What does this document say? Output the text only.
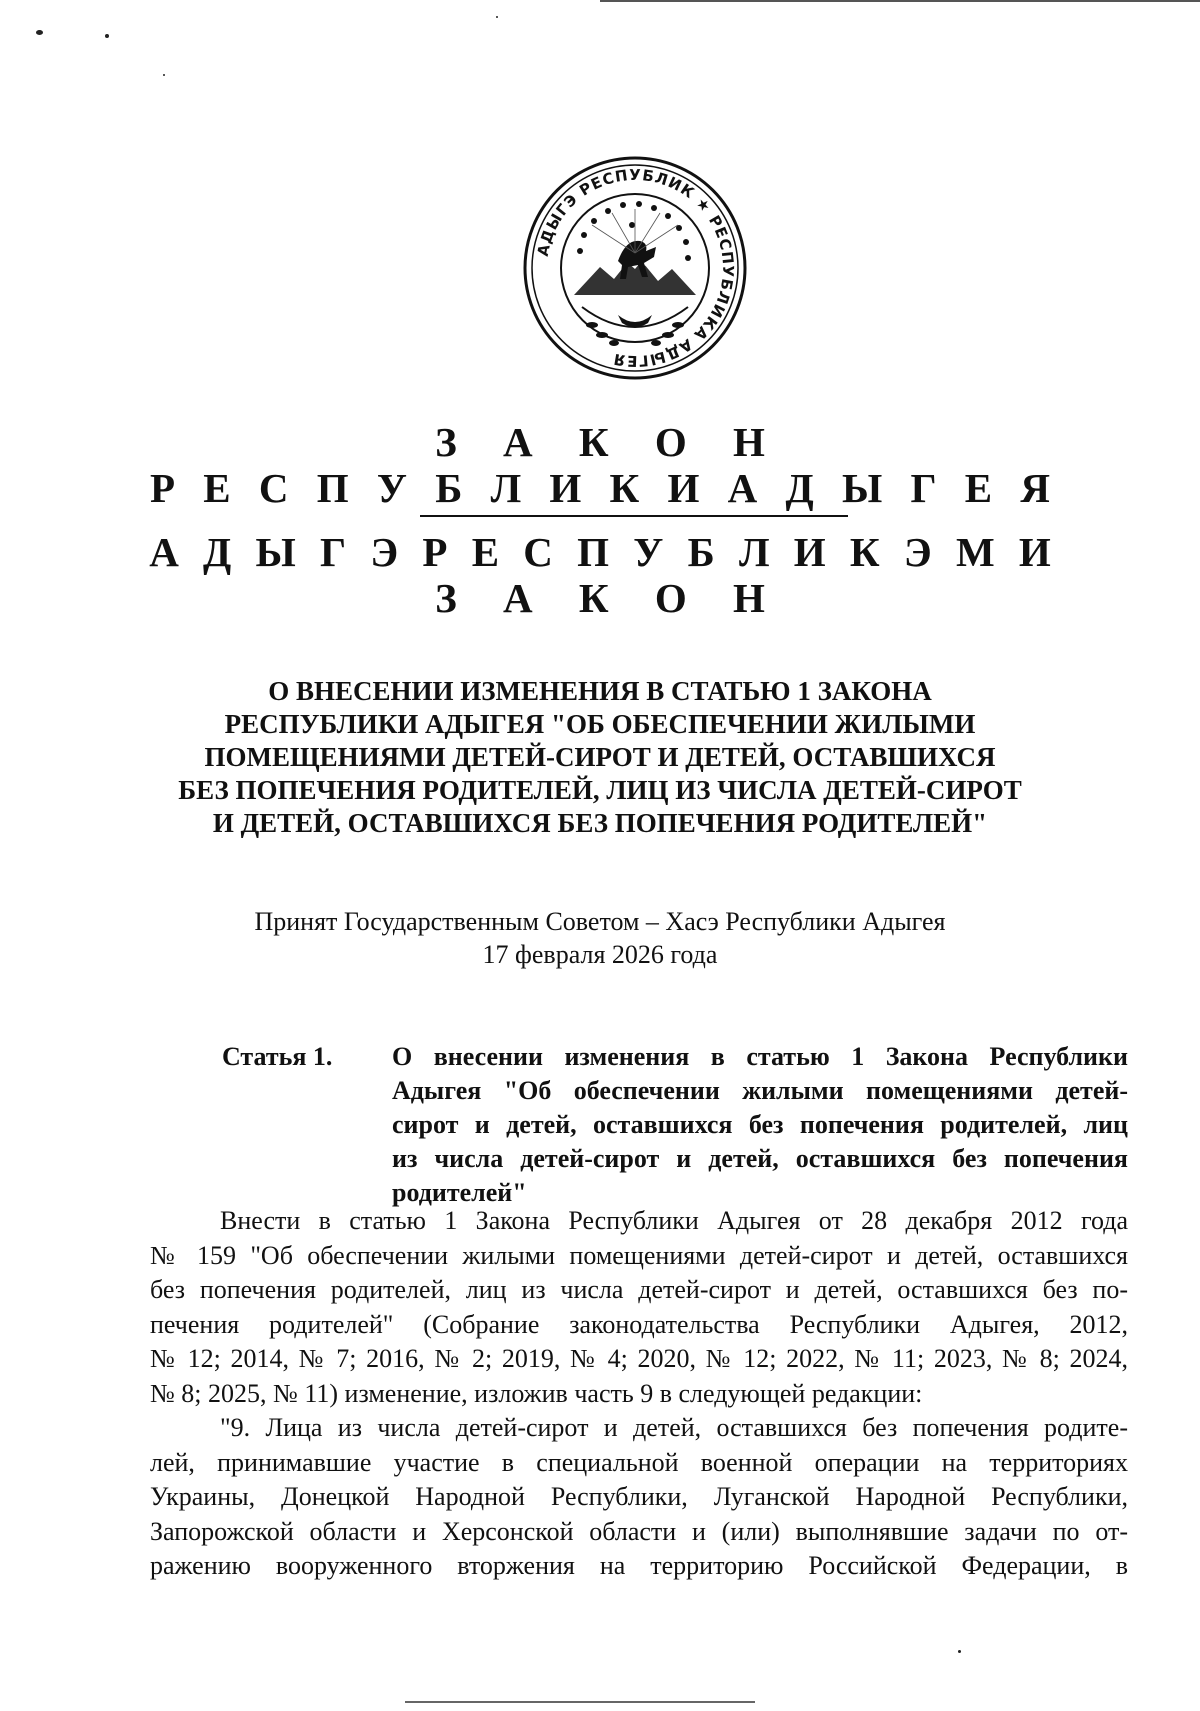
АДЫГЭ РЕСПУБЛИК ★ РЕСПУБЛИКА АДЫГЕЯ
З А К О Н
Р Е С П У Б Л И К И А Д Ы Г Е Я
А Д Ы Г Э Р Е С П У Б Л И К Э М И
З А К О Н
О ВНЕСЕНИИ ИЗМЕНЕНИЯ В СТАТЬЮ 1 ЗАКОНА
РЕСПУБЛИКИ АДЫГЕЯ "ОБ ОБЕСПЕЧЕНИИ ЖИЛЫМИ
ПОМЕЩЕНИЯМИ ДЕТЕЙ-СИРОТ И ДЕТЕЙ, ОСТАВШИХСЯ
БЕЗ ПОПЕЧЕНИЯ РОДИТЕЛЕЙ, ЛИЦ ИЗ ЧИСЛА ДЕТЕЙ-СИРОТ
И ДЕТЕЙ, ОСТАВШИХСЯ БЕЗ ПОПЕЧЕНИЯ РОДИТЕЛЕЙ"
Принят Государственным Советом – Хасэ Республики Адыгея
17 февраля 2026 года
Статья 1. О внесении изменения в статью 1 Закона Республики
Адыгея "Об обеспечении жилыми помещениями детей-
сирот и детей, оставшихся без попечения родителей, лиц
из числа детей-сирот и детей, оставшихся без попечения
родителей"
Внести в статью 1 Закона Республики Адыгея от 28 декабря 2012 года
№ 159 "Об обеспечении жилыми помещениями детей-сирот и детей, оставшихся
без попечения родителей, лиц из числа детей-сирот и детей, оставшихся без по-
печения родителей" (Собрание законодательства Республики Адыгея, 2012,
№ 12; 2014, № 7; 2016, № 2; 2019, № 4; 2020, № 12; 2022, № 11; 2023, № 8; 2024,
№ 8; 2025, № 11) изменение, изложив часть 9 в следующей редакции:
"9. Лица из числа детей-сирот и детей, оставшихся без попечения родите-
лей, принимавшие участие в специальной военной операции на территориях
Украины, Донецкой Народной Республики, Луганской Народной Республики,
Запорожской области и Херсонской области и (или) выполнявшие задачи по от-
ражению вооруженного вторжения на территорию Российской Федерации, в
